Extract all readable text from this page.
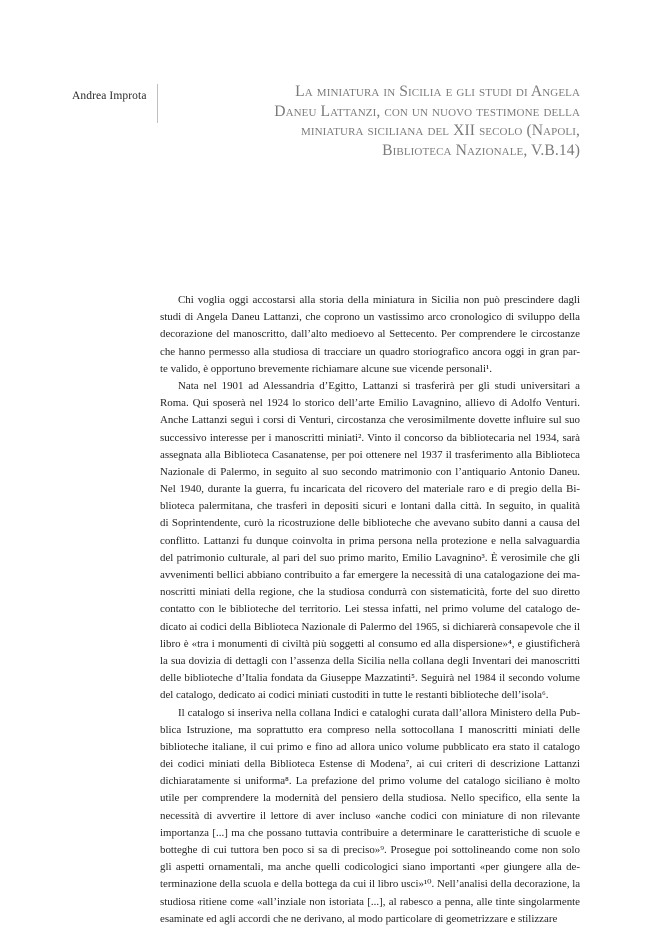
Andrea Improta	La miniatura in Sicilia e gli studi di Angela
Daneu Lattanzi, con un nuovo testimone della
miniatura siciliana del XII secolo (Napoli,
Biblioteca Nazionale, V.B.14)
Chi voglia oggi accostarsi alla storia della miniatura in Sicilia non può prescindere dagli
studi di Angela Daneu Lattanzi, che coprono un vastissimo arco cronologico di sviluppo della
decorazione del manoscritto, dall’alto medioevo al Settecento. Per comprendere le circostanze
che hanno permesso alla studiosa di tracciare un quadro storiografico ancora oggi in gran par-
te valido, è opportuno brevemente richiamare alcune sue vicende personali¹.
Nata nel 1901 ad Alessandria d’Egitto, Lattanzi si trasferirà per gli studi universitari a
Roma. Qui sposerà nel 1924 lo storico dell’arte Emilio Lavagnino, allievo di Adolfo Venturi.
Anche Lattanzi seguì i corsi di Venturi, circostanza che verosimilmente dovette influire sul suo
successivo interesse per i manoscritti miniati². Vinto il concorso da bibliotecaria nel 1934, sarà
assegnata alla Biblioteca Casanatense, per poi ottenere nel 1937 il trasferimento alla Biblioteca
Nazionale di Palermo, in seguito al suo secondo matrimonio con l’antiquario Antonio Daneu.
Nel 1940, durante la guerra, fu incaricata del ricovero del materiale raro e di pregio della Bi-
blioteca palermitana, che trasferì in depositi sicuri e lontani dalla città. In seguito, in qualità
di Soprintendente, curò la ricostruzione delle biblioteche che avevano subito danni a causa del
conflitto. Lattanzi fu dunque coinvolta in prima persona nella protezione e nella salvaguardia
del patrimonio culturale, al pari del suo primo marito, Emilio Lavagnino³. È verosimile che gli
avvenimenti bellici abbiano contribuito a far emergere la necessità di una catalogazione dei ma-
noscritti miniati della regione, che la studiosa condurrà con sistematicità, forte del suo diretto
contatto con le biblioteche del territorio. Lei stessa infatti, nel primo volume del catalogo de-
dicato ai codici della Biblioteca Nazionale di Palermo del 1965, si dichiarerà consapevole che il
libro è «tra i monumenti di civiltà più soggetti al consumo ed alla dispersione»⁴, e giustificherà
la sua dovizia di dettagli con l’assenza della Sicilia nella collana degli Inventari dei manoscritti
delle biblioteche d’Italia fondata da Giuseppe Mazzatinti⁵. Seguirà nel 1984 il secondo volume
del catalogo, dedicato ai codici miniati custoditi in tutte le restanti biblioteche dell’isola⁶.
Il catalogo si inseriva nella collana Indici e cataloghi curata dall’allora Ministero della Pub-
blica Istruzione, ma soprattutto era compreso nella sottocollana I manoscritti miniati delle
biblioteche italiane, il cui primo e fino ad allora unico volume pubblicato era stato il catalogo
dei codici miniati della Biblioteca Estense di Modena⁷, ai cui criteri di descrizione Lattanzi
dichiaratamente si uniforma⁸. La prefazione del primo volume del catalogo siciliano è molto
utile per comprendere la modernità del pensiero della studiosa. Nello specifico, ella sente la
necessità di avvertire il lettore di aver incluso «anche codici con miniature di non rilevante
importanza [...] ma che possano tuttavia contribuire a determinare le caratteristiche di scuole e
botteghe di cui tuttora ben poco si sa di preciso»⁹. Prosegue poi sottolineando come non solo
gli aspetti ornamentali, ma anche quelli codicologici siano importanti «per giungere alla de-
terminazione della scuola e della bottega da cui il libro usci»¹⁰. Nell’analisi della decorazione, la
studiosa ritiene come «all’inziale non istoriata [...], al rabesco a penna, alle tinte singolarmente
esaminate ed agli accordi che ne derivano, al modo particolare di geometrizzare e stilizzare
